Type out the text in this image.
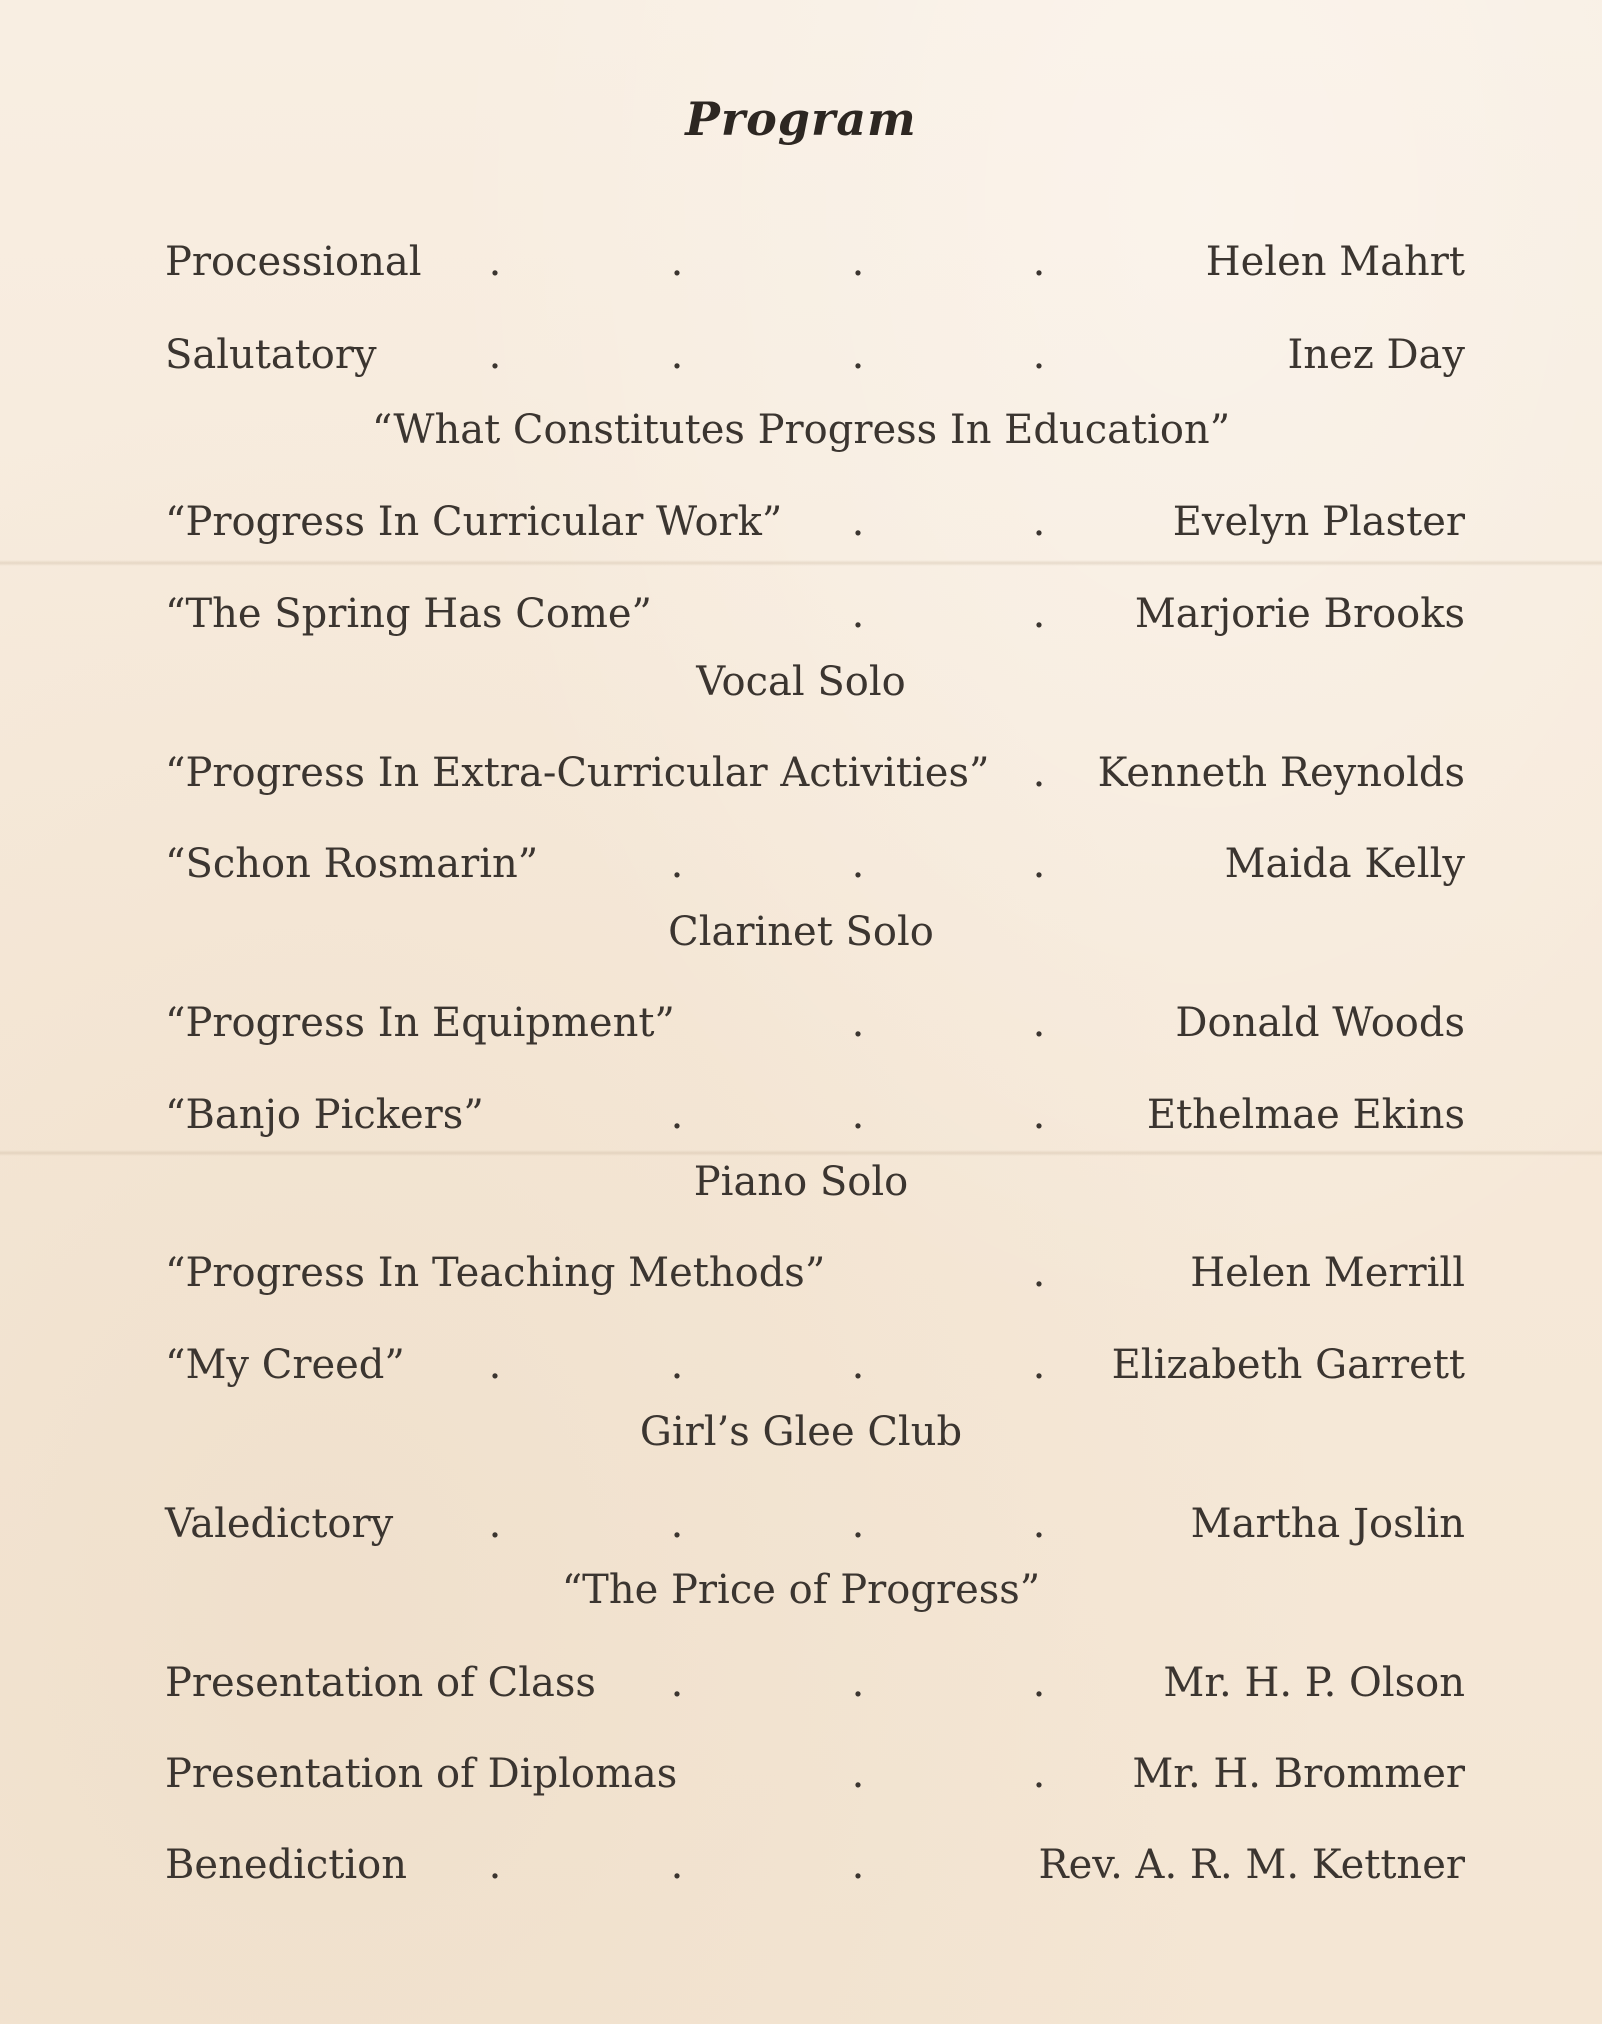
Program
Processional .	.	.	.	Helen Mahrt
Salutatory	.	.	.	.	Inez Day
“What Constitutes Progress In Education”
“Progress In Curricular Work” .	.	Evelyn Plaster
“The Spring Has Come”	.	. Marjorie Brooks
Vocal Solo
“Progress In Extra-Curricular Activities” . Kenneth Reynolds
“Schon Rosmarin”	.	.	.	Maida Kelly
Clarinet Solo
“Progress In Equipment”	.	.	Donald Woods
“Banjo Pickers”	.	.	.	Ethelmae Ekins
Piano Solo
“Progress In Teaching Methods”	.	Helen Merrill
“My Creed” .	.	.	. Elizabeth Garrett
Girl’s Glee Club
Valedictory .	.	.	.	Martha Joslin
“The Price of Progress”
Presentation of Class .	.	.	Mr. H. P. Olson
Presentation of Diplomas	.	. Mr. H. Brommer
Benediction .	.	.	Rev. A. R. M. Kettner
